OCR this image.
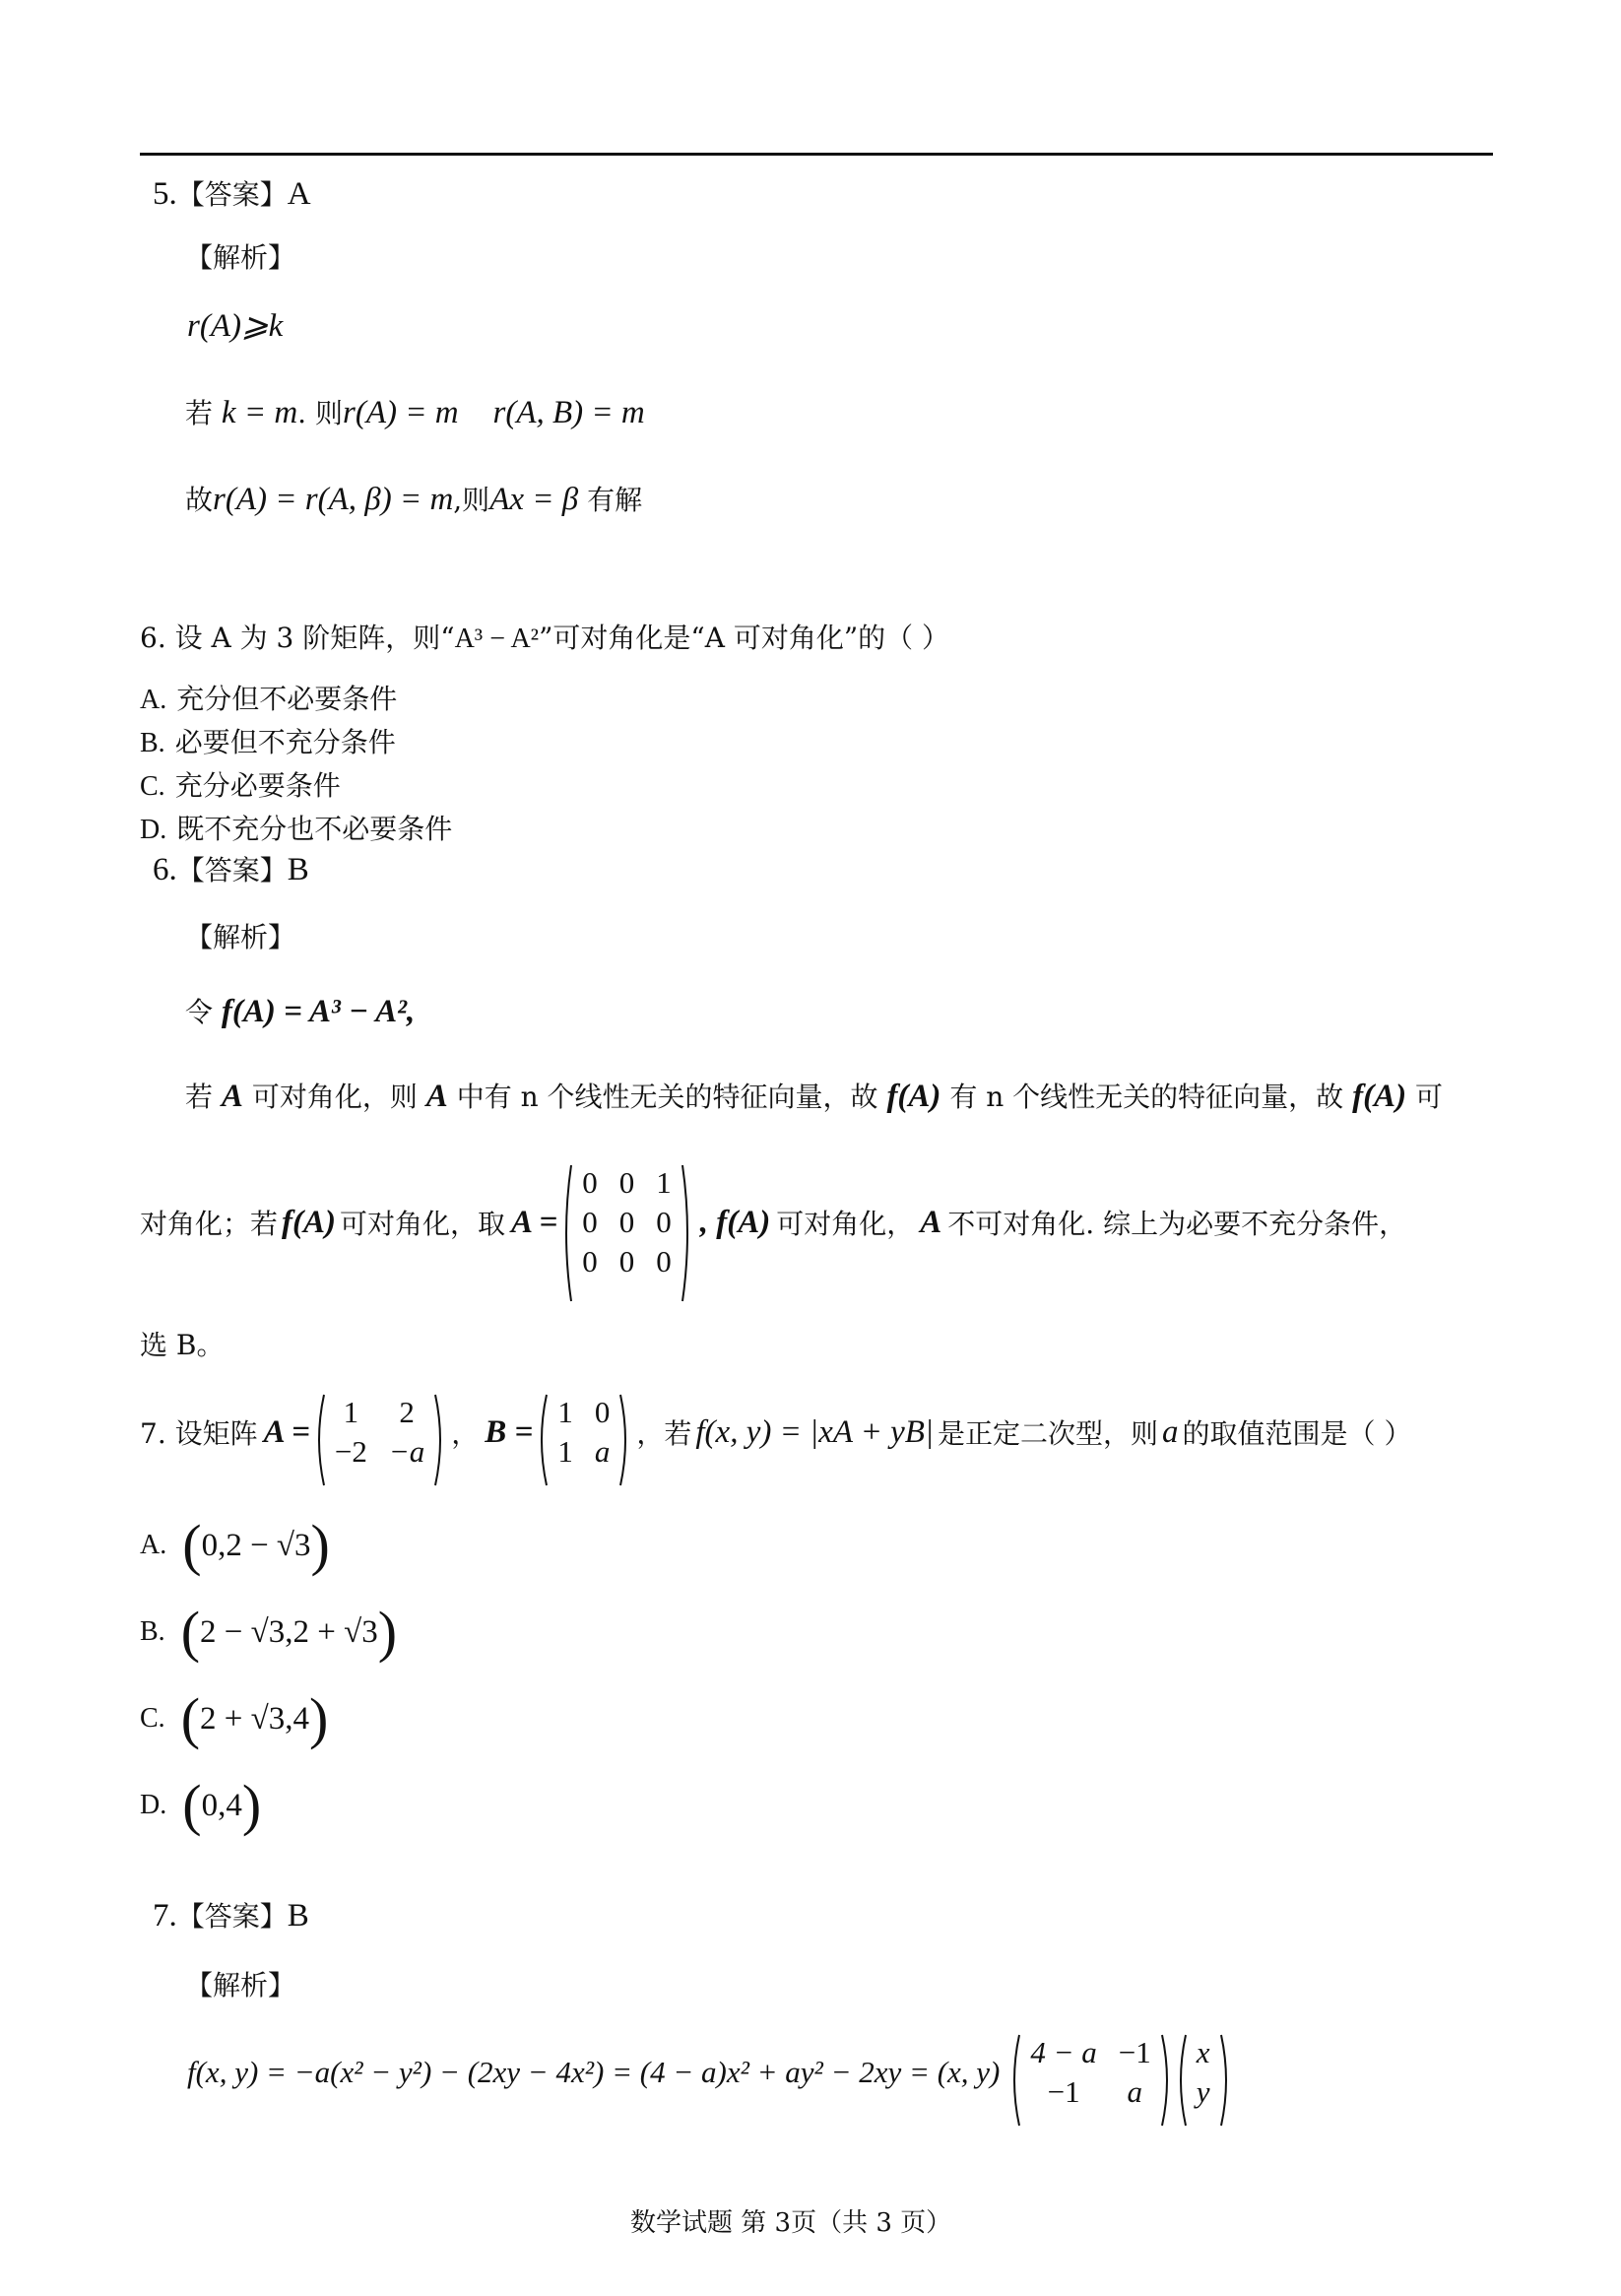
5.【答案】A
【解析】
r(A)⩾k
若 k = m. 则r(A) = m r(A, B) = m
故r(A) = r(A, β) = m,则Ax = β 有解
6. 设 A 为 3 阶矩阵，则“A³ − A²”可对角化是“A 可对角化”的（ ）
A. 充分但不必要条件
B. 必要但不充分条件
C. 充分必要条件
D. 既不充分也不必要条件
6.【答案】B
【解析】
令 f(A) = A³ − A²,
若 A 可对角化，则 A 中有 n 个线性无关的特征向量，故 f(A) 有 n 个线性无关的特征向量，故 f(A) 可
对角化；若 f(A) 可对角化，取 A =
0	0	1
0	0	0
0	0	0
, f(A) 可对角化， A 不可对角化. 综上为必要不充分条件，
选 B。
7. 设矩阵 A =
1	2
−2	−a
， B =
1	0
1	a
，若 f(x, y) = |xA + yB| 是正定二次型，则 a 的取值范围是（ ）
A. ( 0,2 − √3 )
B. ( 2 − √3,2 + √3 )
C. ( 2 + √3,4 )
D. ( 0,4 )
7.【答案】B
【解析】
f(x, y) = −a(x² − y²) − (2xy − 4x²) = (4 − a)x² + ay² − 2xy = (x, y)
4 − a	−1
−1	a
x
y
数学试题 第 3页（共 3 页）
